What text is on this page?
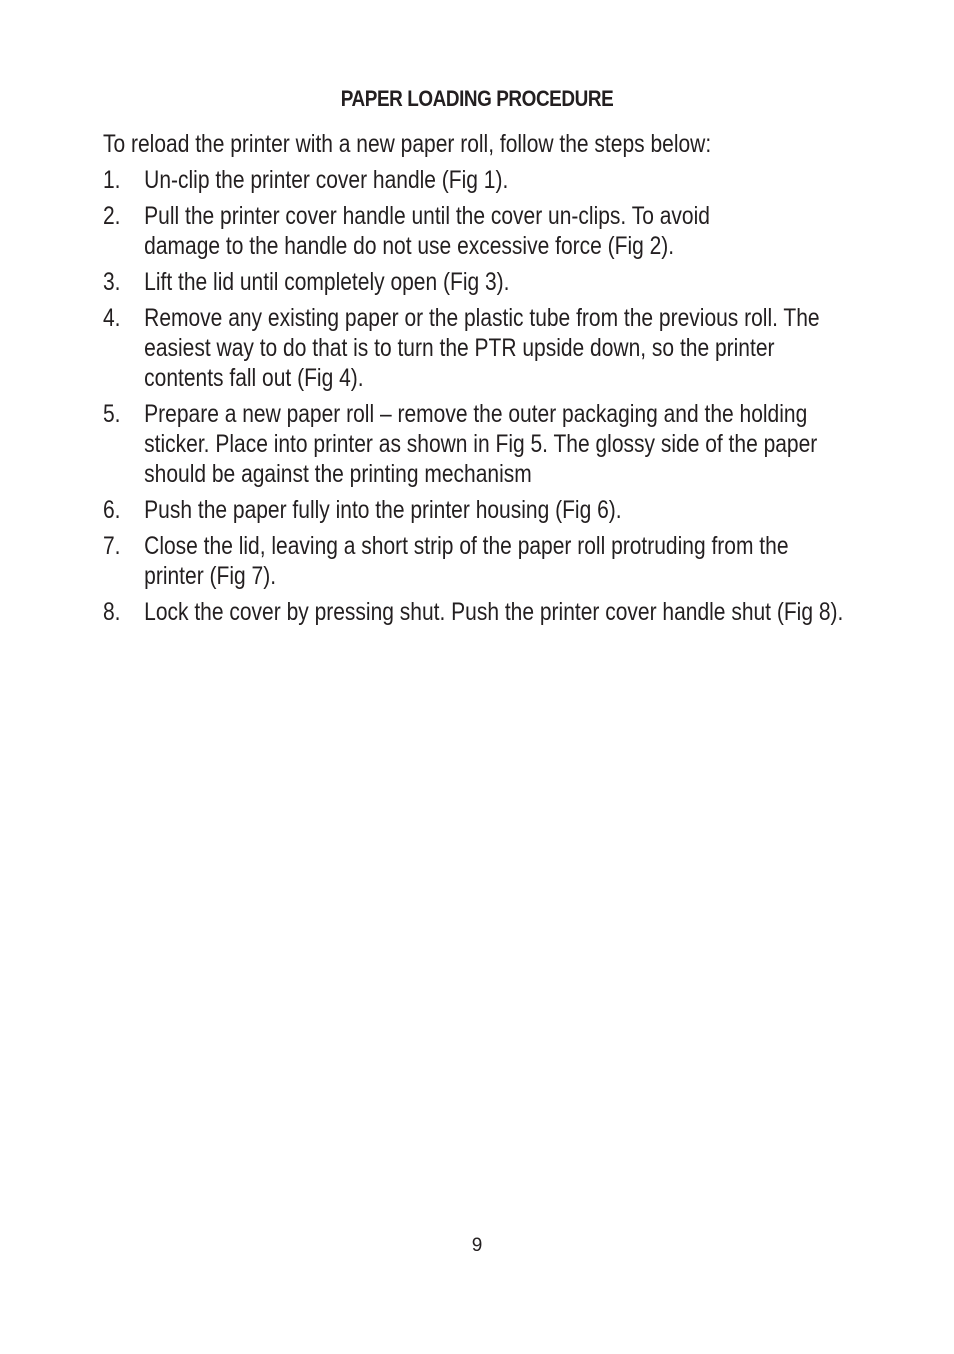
PAPER LOADING PROCEDURE

To reload the printer with a new paper roll, follow the steps below:

1. Un-clip the printer cover handle (Fig 1).
2. Pull the printer cover handle until the cover un-clips. To avoid damage to the handle do not use excessive force (Fig 2).
3. Lift the lid until completely open (Fig 3).
4. Remove any existing paper or the plastic tube from the previous roll. The easiest way to do that is to turn the PTR upside down, so the printer contents fall out (Fig 4).
5. Prepare a new paper roll – remove the outer packaging and the holding sticker. Place into printer as shown in Fig 5. The glossy side of the paper should be against the printing mechanism
6. Push the paper fully into the printer housing (Fig 6).
7. Close the lid, leaving a short strip of the paper roll protruding from the printer (Fig 7).
8. Lock the cover by pressing shut. Push the printer cover handle shut (Fig 8).
9
